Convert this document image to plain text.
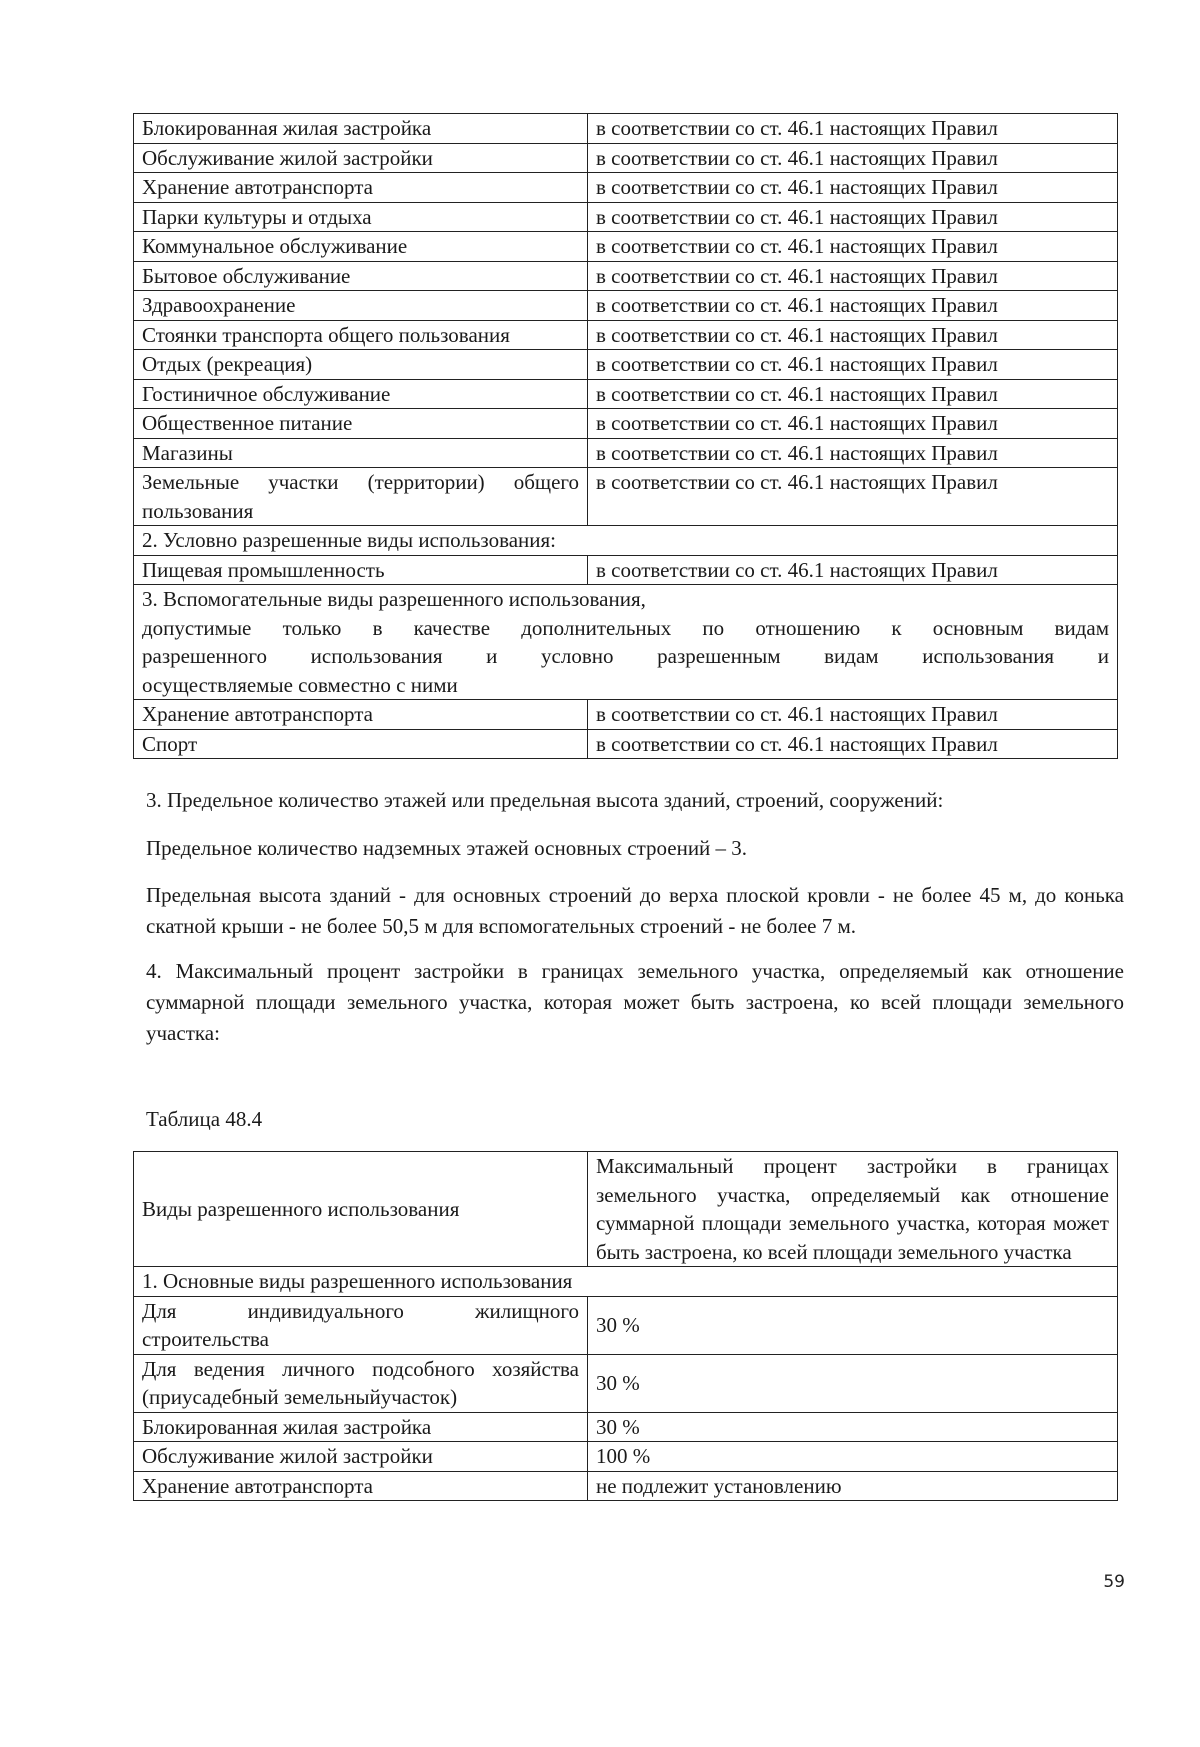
Блокированная жилая застройка	в соответствии со ст. 46.1 настоящих Правил
Обслуживание жилой застройки	в соответствии со ст. 46.1 настоящих Правил
Хранение автотранспорта	в соответствии со ст. 46.1 настоящих Правил
Парки культуры и отдыха	в соответствии со ст. 46.1 настоящих Правил
Коммунальное обслуживание	в соответствии со ст. 46.1 настоящих Правил
Бытовое обслуживание	в соответствии со ст. 46.1 настоящих Правил
Здравоохранение	в соответствии со ст. 46.1 настоящих Правил
Стоянки транспорта общего пользования	в соответствии со ст. 46.1 настоящих Правил
Отдых (рекреация)	в соответствии со ст. 46.1 настоящих Правил
Гостиничное обслуживание	в соответствии со ст. 46.1 настоящих Правил
Общественное питание	в соответствии со ст. 46.1 настоящих Правил
Магазины	в соответствии со ст. 46.1 настоящих Правил
Земельные участки (территории) общего пользования	в соответствии со ст. 46.1 настоящих Правил
2. Условно разрешенные виды использования:	
Пищевая промышленность	в соответствии со ст. 46.1 настоящих Правил

3. Вспомогательные виды разрешенного использования,
допустимые только в качестве дополнительных по отношению к основным видам
разрешенного использования и условно разрешенным видам использования и
осуществляемые совместно с ними	

Хранение автотранспорта	в соответствии со ст. 46.1 настоящих Правил
Спорт	в соответствии со ст. 46.1 настоящих Правил
3. Предельное количество этажей или предельная высота зданий, строений, сооружений:
Предельное количество надземных этажей основных строений – 3.
Предельная высота зданий - для основных строений до верха плоской кровли - не более 45 м, до конька скатной крыши - не более 50,5 м для вспомогательных строений - не более 7 м.
4. Максимальный процент застройки в границах земельного участка, определяемый как отношение суммарной площади земельного участка, которая может быть застроена, ко всей площади земельного участка:
Таблица 48.4
Виды разрешенного использования	Максимальный процент застройки в границах земельного участка, определяемый как отношение суммарной площади земельного участка, которая может быть застроена, ко всей площади земельного участка
1. Основные виды разрешенного использования	
Для индивидуального жилищного строительства	30 %
Для ведения личного подсобного хозяйства (приусадебный земельныйучасток)	30 %
Блокированная жилая застройка	30 %
Обслуживание жилой застройки	100 %
Хранение автотранспорта	не подлежит установлению
59
